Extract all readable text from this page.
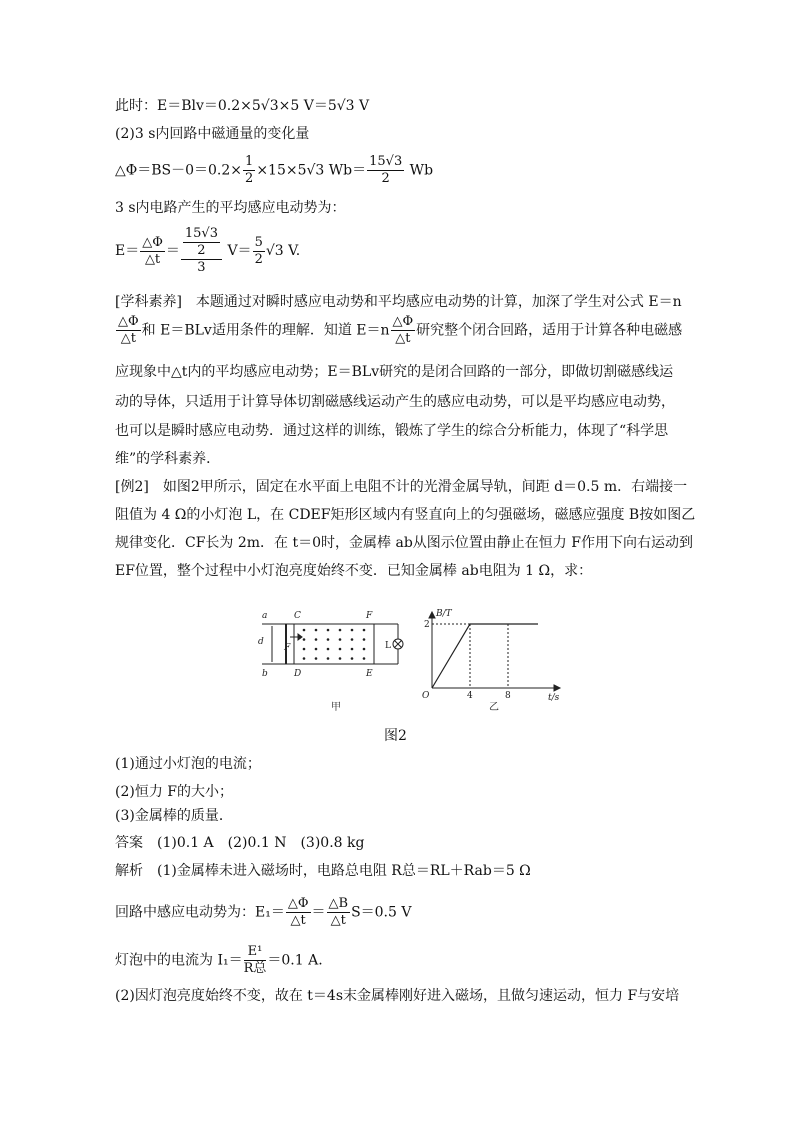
此时：E＝Blv＝0.2×5√3×5 V＝5√3 V
(2)3 s内回路中磁通量的变化量
△Φ＝BS－0＝0.2× $\frac{1}{2} \times 15\times 5√3$ $Wb= \frac{15√3}{2}$ Wb
3 s内电路产生的平均感应电动势为：
$E= \frac{\triangle\Phi}{\triangle t} = \frac{\frac{15√3}{2}}{3} V= \frac{5}{2} √3$ V.
[学科素养]　本题通过对瞬时感应电动势和平均感应电动势的计算，加深了学生对公式 E＝n
$\frac{\triangle\Phi}{\triangle t}$ 和 E＝BLv适用条件的理解．知道 $E=n \frac{\triangle\Phi}{\triangle t}$ 研究整个闭合回路，适用于计算各种电磁感
应现象中△t内的平均感应电动势；E＝BLv研究的是闭合回路的一部分，即做切割磁感线运
动的导体，只适用于计算导体切割磁感线运动产生的感应电动势，可以是平均感应电动势，
也可以是瞬时感应电动势．通过这样的训练，锻炼了学生的综合分析能力，体现了“科学思
维”的学科素养．
[例2]　如图2甲所示，固定在水平面上电阻不计的光滑金属导轨，间距 d＝0.5 m．右端接一
阻值为 4 Ω的小灯泡 L，在 CDEF矩形区域内有竖直向上的匀强磁场，磁感应强度 B按如图乙
规律变化．CF长为 2m．在 t＝0时，金属棒 ab从图示位置由静止在恒力 F作用下向右运动到
EF位置，整个过程中小灯泡亮度始终不变．已知金属棒 ab电阻为 1 Ω，求：
a
b
C
D	E
F
d
F	L
甲
B/T
t/s
O
2
4	8
乙
图2
(1)通过小灯泡的电流；
(2)恒力 F的大小；
(3)金属棒的质量．
答案　(1)0.1 A　(2)0.1 N　(3)0.8 kg
解析　(1)金属棒未进入磁场时，电路总电阻 R总＝RL＋Rab＝5 Ω
回路中感应电动势为：$E_1= \frac{\triangle\Phi}{\triangle t} = \frac{\triangle B}{\triangle t} S=0.5$ V
灯泡中的电流为 $I_1= \frac{\text{E¹}}{\text{R总}} =0.1$ A.
(2)因灯泡亮度始终不变，故在 t＝4s末金属棒刚好进入磁场，且做匀速运动，恒力 F与安培
